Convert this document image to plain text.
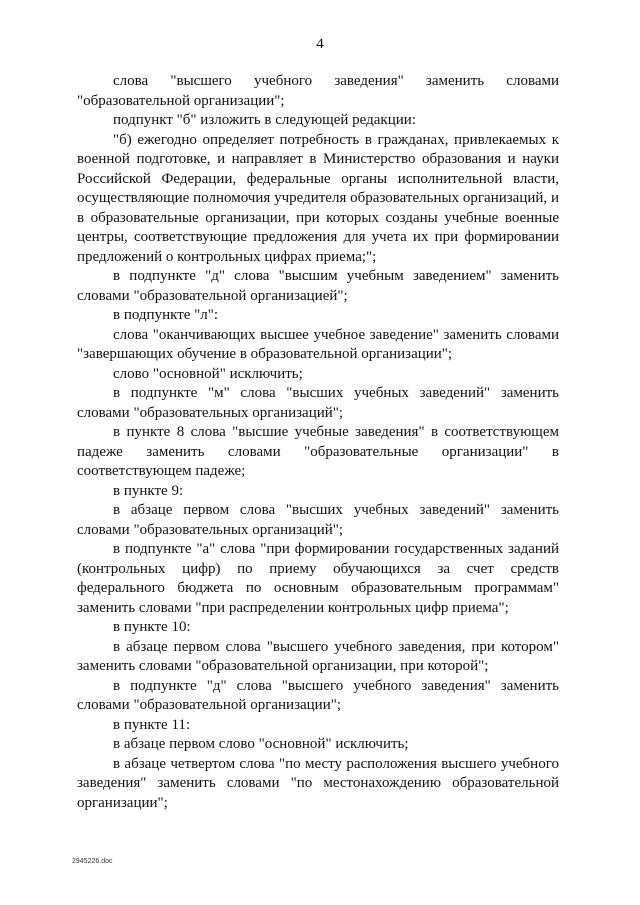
4

слова "высшего учебного заведения" заменить словами "образовательной организации";

подпункт "б" изложить в следующей редакции:

"б) ежегодно определяет потребность в гражданах, привлекаемых к военной подготовке, и направляет в Министерство образования и науки Российской Федерации, федеральные органы исполнительной власти, осуществляющие полномочия учредителя образовательных организаций, и в образовательные организации, при которых созданы учебные военные центры, соответствующие предложения для учета их при формировании предложений о контрольных цифрах приема;";

в подпункте "д" слова "высшим учебным заведением" заменить словами "образовательной организацией";

в подпункте "л":

слова "оканчивающих высшее учебное заведение" заменить словами "завершающих обучение в образовательной организации";

слово "основной" исключить;

в подпункте "м" слова "высших учебных заведений" заменить словами "образовательных организаций";

в пункте 8 слова "высшие учебные заведения" в соответствующем падеже заменить словами "образовательные организации" в соответствующем падеже;

в пункте 9:

в абзаце первом слова "высших учебных заведений" заменить словами "образовательных организаций";

в подпункте "а" слова "при формировании государственных заданий (контрольных цифр) по приему обучающихся за счет средств федерального бюджета по основным образовательным программам" заменить словами "при распределении контрольных цифр приема";

в пункте 10:

в абзаце первом слова "высшего учебного заведения, при котором" заменить словами "образовательной организации, при которой";

в подпункте "д" слова "высшего учебного заведения" заменить словами "образовательной организации";

в пункте 11:

в абзаце первом слово "основной" исключить;

в абзаце четвертом слова "по месту расположения высшего учебного заведения" заменить словами "по местонахождению образовательной организации";

2945226.doc
